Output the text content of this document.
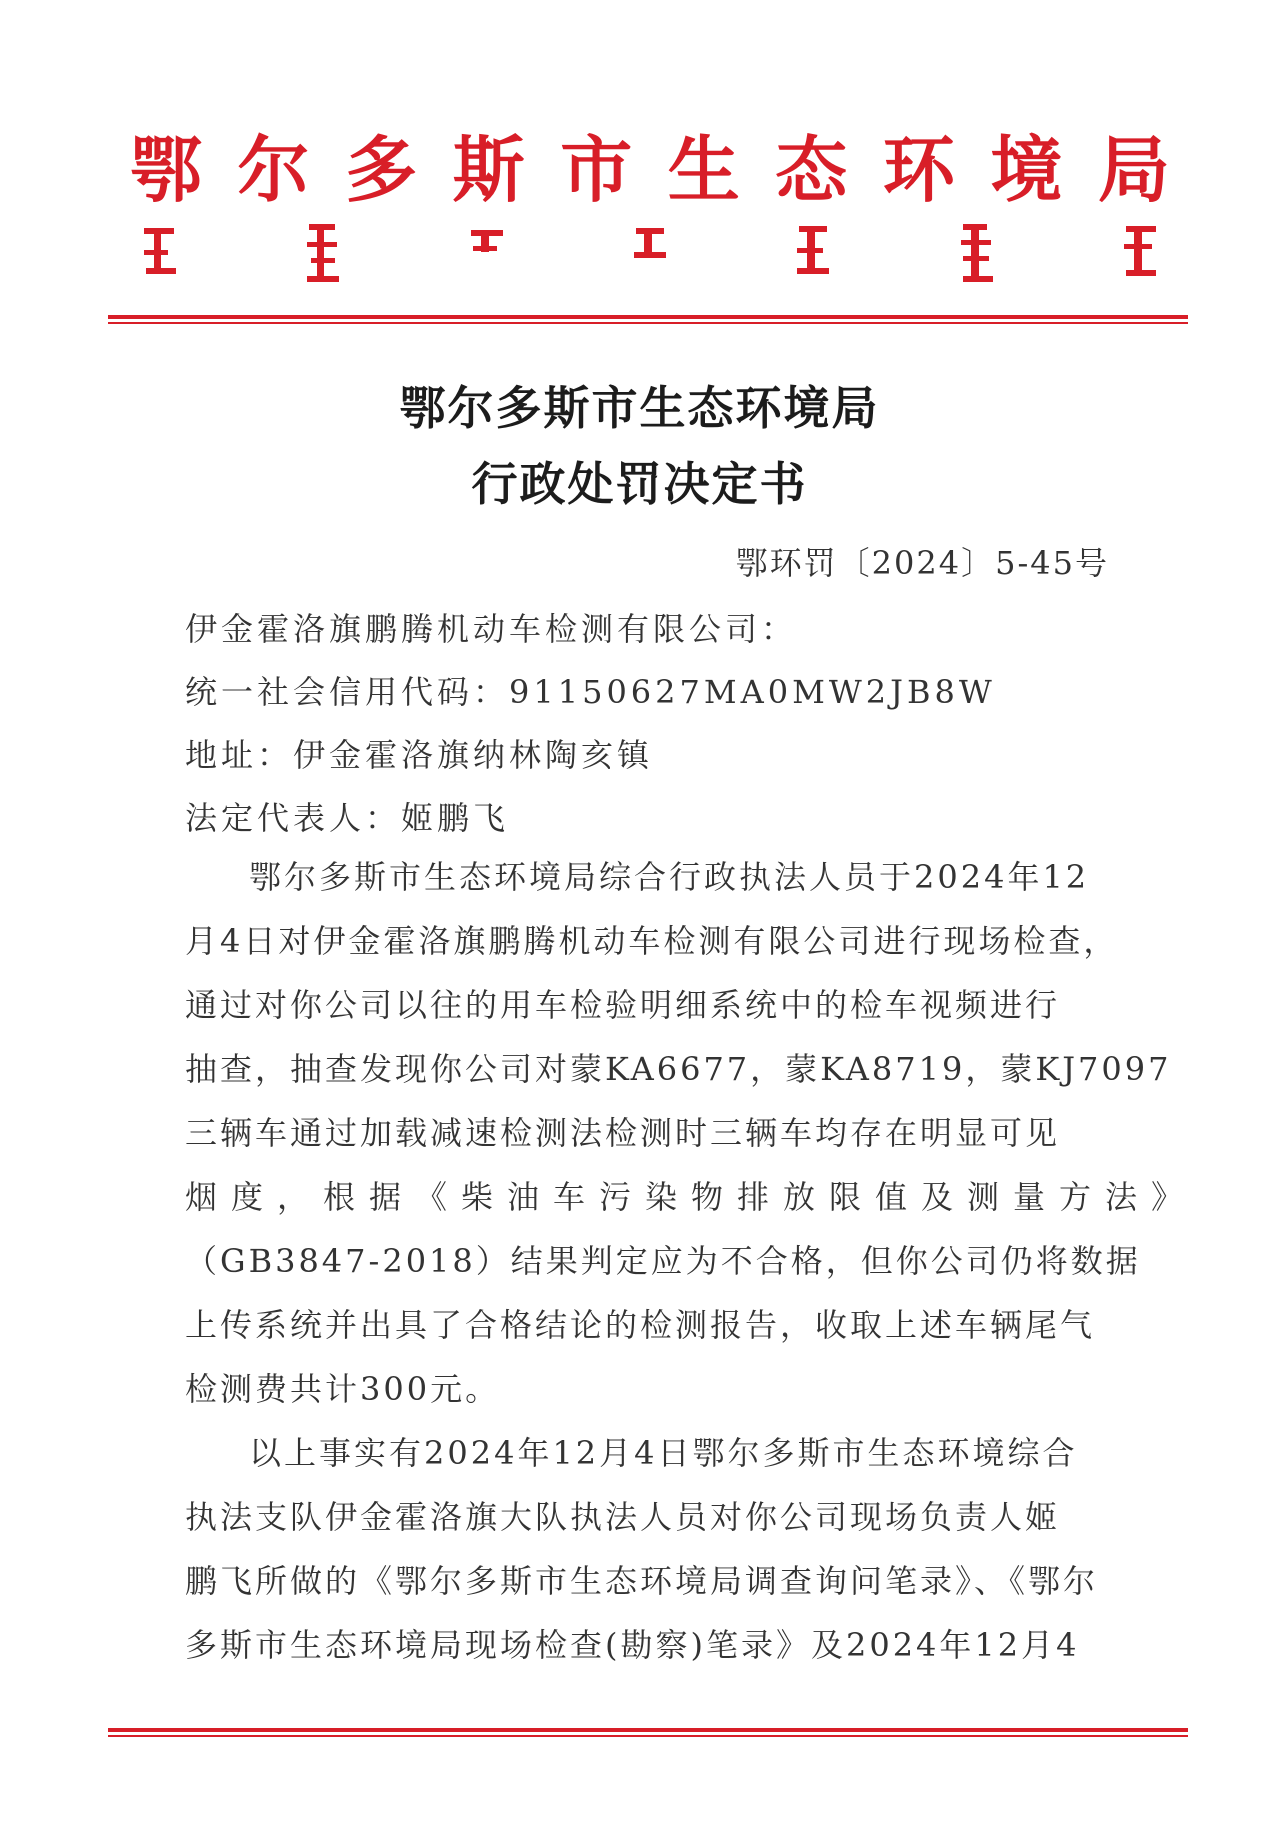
鄂 尔 多 斯 市 生 态 环 境 局
鄂尔多斯市生态环境局
行政处罚决定书
鄂环罚〔2024〕5-45号
伊金霍洛旗鹏腾机动车检测有限公司：
统一社会信用代码：91150627MA0MW2JB8W
地址：伊金霍洛旗纳林陶亥镇
法定代表人：姬鹏飞
鄂尔多斯市生态环境局综合行政执法人员于2024年12
月4日对伊金霍洛旗鹏腾机动车检测有限公司进行现场检查，
通过对你公司以往的用车检验明细系统中的检车视频进行
抽查，抽查发现你公司对蒙KA6677，蒙KA8719，蒙KJ7097
三辆车通过加载减速检测法检测时三辆车均存在明显可见
烟度，根据《柴油车污染物排放限值及测量方法》
（GB3847-2018）结果判定应为不合格，但你公司仍将数据
上传系统并出具了合格结论的检测报告，收取上述车辆尾气
检测费共计300元。
以上事实有2024年12月4日鄂尔多斯市生态环境综合
执法支队伊金霍洛旗大队执法人员对你公司现场负责人姬
鹏飞所做的《鄂尔多斯市生态环境局调查询问笔录》、《鄂尔
多斯市生态环境局现场检查(勘察)笔录》及2024年12月4
